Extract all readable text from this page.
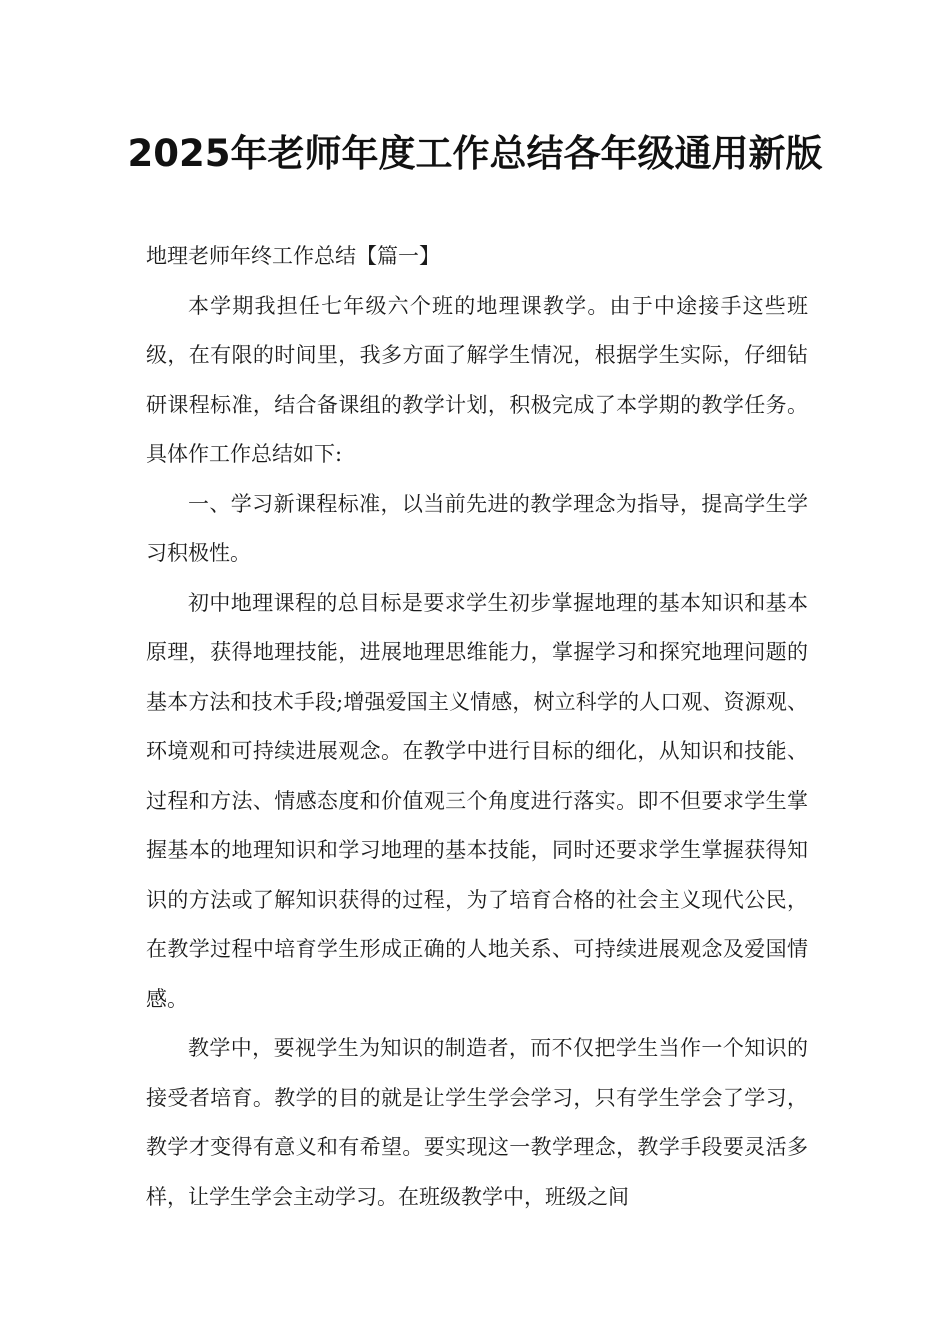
2025年老师年度工作总结各年级通用新版

地理老师年终工作总结【篇一】

本学期我担任七年级六个班的地理课教学。由于中途接手这些班级，在有限的时间里，我多方面了解学生情况，根据学生实际，仔细钻研课程标准，结合备课组的教学计划，积极完成了本学期的教学任务。具体作工作总结如下:

一、学习新课程标准，以当前先进的教学理念为指导，提高学生学习积极性。

初中地理课程的总目标是要求学生初步掌握地理的基本知识和基本原理，获得地理技能，进展地理思维能力，掌握学习和探究地理问题的基本方法和技术手段;增强爱国主义情感，树立科学的人口观、资源观、环境观和可持续进展观念。在教学中进行目标的细化，从知识和技能、过程和方法、情感态度和价值观三个角度进行落实。即不但要求学生掌握基本的地理知识和学习地理的基本技能，同时还要求学生掌握获得知识的方法或了解知识获得的过程，为了培育合格的社会主义现代公民，在教学过程中培育学生形成正确的人地关系、可持续进展观念及爱国情感。

教学中，要视学生为知识的制造者，而不仅把学生当作一个知识的接受者培育。教学的目的就是让学生学会学习，只有学生学会了学习，教学才变得有意义和有希望。要实现这一教学理念，教学手段要灵活多样，让学生学会主动学习。在班级教学中，班级之间
